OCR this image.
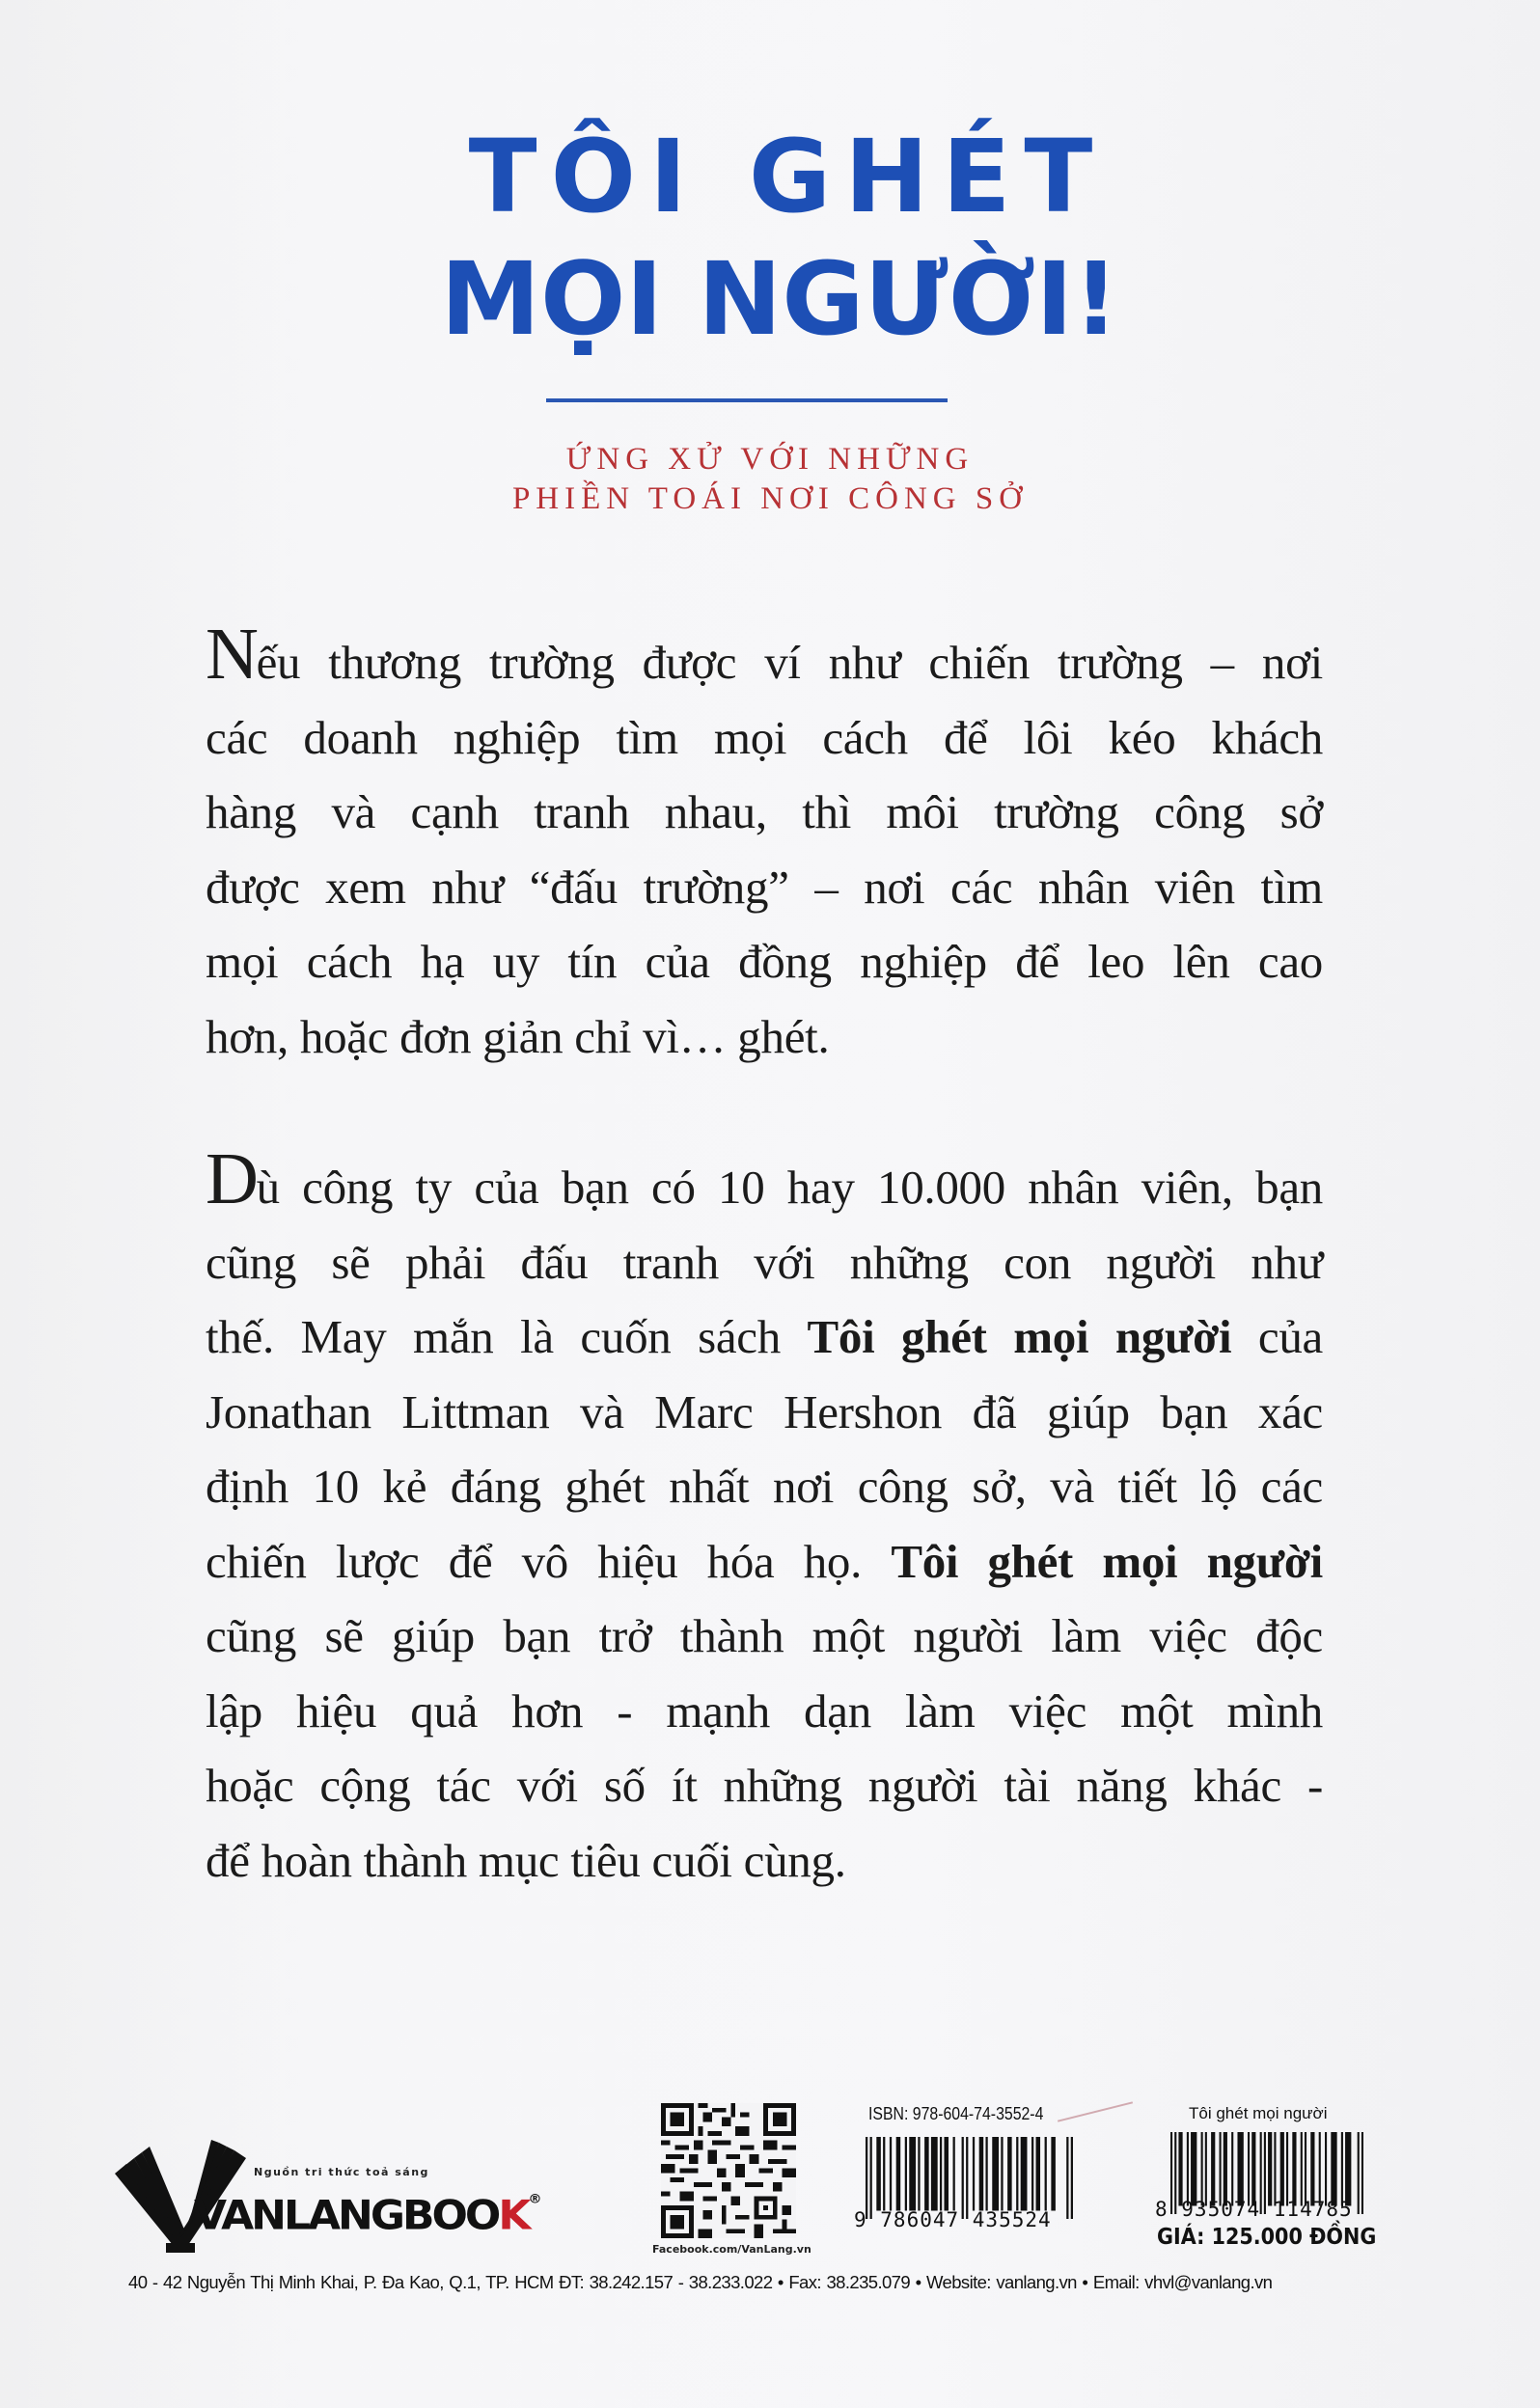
TÔI GHÉT
MỌI NGƯỜI!

ỨNG XỬ VỚI NHỮNG

PHIỀN TOÁI NƠI CÔNG SỞ

Nếu thương trường được ví như chiến trường – nơi
các doanh nghiệp tìm mọi cách để lôi kéo khách
hàng và cạnh tranh nhau, thì môi trường công sở
được xem như “đấu trường” – nơi các nhân viên tìm
mọi cách hạ uy tín của đồng nghiệp để leo lên cao
hơn, hoặc đơn giản chỉ vì… ghét.
Dù công ty của bạn có 10 hay 10.000 nhân viên, bạn
cũng sẽ phải đấu tranh với những con người như
thế. May mắn là cuốn sách Tôi ghét mọi người của
Jonathan Littman và Marc Hershon đã giúp bạn xác
định 10 kẻ đáng ghét nhất nơi công sở, và tiết lộ các
chiến lược để vô hiệu hóa họ. Tôi ghét mọi người
cũng sẽ giúp bạn trở thành một người làm việc độc
lập hiệu quả hơn - mạnh dạn làm việc một mình
hoặc cộng tác với số ít những người tài năng khác -
để hoàn thành mục tiêu cuối cùng.
Nguồn tri thức toả sáng
VANLANGBOOK®
Facebook.com/VanLang.vn
ISBN: 978-604-74-3552-4
9 786047 435524
Tôi ghét mọi người
8 935074 114785
GIÁ: 125.000 ĐỒNG
40 - 42 Nguyễn Thị Minh Khai, P. Đa Kao, Q.1, TP. HCM ĐT: 38.242.157 - 38.233.022 • Fax: 38.235.079 • Website: vanlang.vn • Email: vhvl@vanlang.vn
